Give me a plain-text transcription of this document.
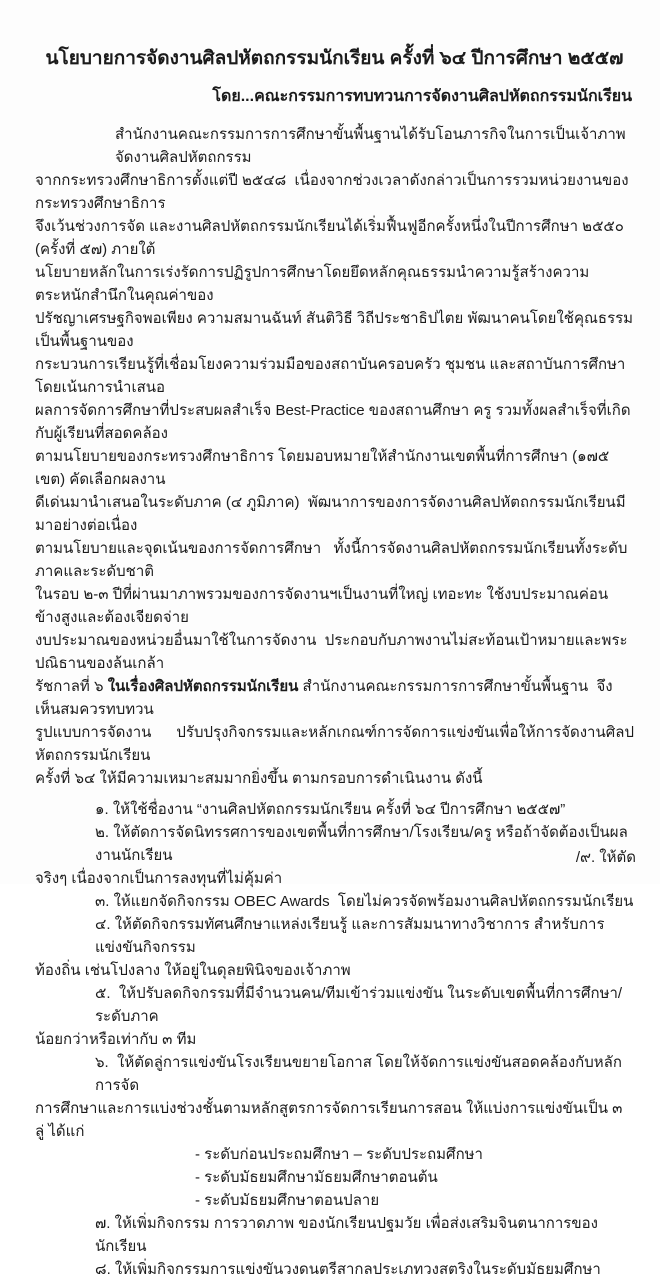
นโยบายการจัดงานศิลปหัตถกรรมนักเรียน ครั้งที่ ๖๔ ปีการศึกษา ๒๕๕๗
โดย...คณะกรรมการทบทวนการจัดงานศิลปหัตถกรรมนักเรียน
สำนักงานคณะกรรมการการศึกษาขั้นพื้นฐานได้รับโอนภารกิจในการเป็นเจ้าภาพจัดงานศิลปหัตถกรรม
จากกระทรวงศึกษาธิการตั้งแต่ปี ๒๕๔๘  เนื่องจากช่วงเวลาดังกล่าวเป็นการรวมหน่วยงานของกระทรวงศึกษาธิการ
จึงเว้นช่วงการจัด และงานศิลปหัตถกรรมนักเรียนได้เริ่มฟื้นฟูอีกครั้งหนึ่งในปีการศึกษา ๒๕๕๐ (ครั้งที่ ๕๗) ภายใต้
นโยบายหลักในการเร่งรัดการปฏิรูปการศึกษาโดยยึดหลักคุณธรรมนำความรู้สร้างความตระหนักสำนึกในคุณค่าของ
ปรัชญาเศรษฐกิจพอเพียง ความสมานฉันท์ สันติวิธี วิถีประชาธิปไตย พัฒนาคนโดยใช้คุณธรรมเป็นพื้นฐานของ
กระบวนการเรียนรู้ที่เชื่อมโยงความร่วมมือของสถาบันครอบครัว ชุมชน และสถาบันการศึกษา  โดยเน้นการนำเสนอ
ผลการจัดการศึกษาที่ประสบผลสำเร็จ Best-Practice ของสถานศึกษา ครู รวมทั้งผลสำเร็จที่เกิดกับผู้เรียนที่สอดคล้อง
ตามนโยบายของกระทรวงศึกษาธิการ โดยมอบหมายให้สำนักงานเขตพื้นที่การศึกษา (๑๗๕ เขต) คัดเลือกผลงาน
ดีเด่นมานำเสนอในระดับภาค (๔ ภูมิภาค)  พัฒนาการของการจัดงานศิลปหัตถกรรมนักเรียนมีมาอย่างต่อเนื่อง
ตามนโยบายและจุดเน้นของการจัดการศึกษา   ทั้งนี้การจัดงานศิลปหัตถกรรมนักเรียนทั้งระดับภาคและระดับชาติ
ในรอบ ๒-๓ ปีที่ผ่านมาภาพรวมของการจัดงานฯเป็นงานที่ใหญ่ เทอะทะ ใช้งบประมาณค่อนข้างสูงและต้องเจียดจ่าย
งบประมาณของหน่วยอื่นมาใช้ในการจัดงาน  ประกอบกับภาพงานไม่สะท้อนเป้าหมายและพระปณิธานของล้นเกล้า
รัชกาลที่ ๖ ในเรื่องศิลปหัตถกรรมนักเรียน สำนักงานคณะกรรมการการศึกษาขั้นพื้นฐาน  จึงเห็นสมควรทบทวน
รูปแบบการจัดงาน      ปรับปรุงกิจกรรมและหลักเกณฑ์การจัดการแข่งขันเพื่อให้การจัดงานศิลปหัตถกรรมนักเรียน
ครั้งที่ ๖๔ ให้มีความเหมาะสมมากยิ่งขึ้น ตามกรอบการดำเนินงาน ดังนี้
๑. ให้ใช้ชื่องาน “งานศิลปหัตถกรรมนักเรียน ครั้งที่ ๖๔ ปีการศึกษา ๒๕๕๗”
๒. ให้ตัดการจัดนิทรรศการของเขตพื้นที่การศึกษา/โรงเรียน/ครู หรือถ้าจัดต้องเป็นผลงานนักเรียน
จริงๆ เนื่องจากเป็นการลงทุนที่ไม่คุ้มค่า
๓. ให้แยกจัดกิจกรรม OBEC Awards  โดยไม่ควรจัดพร้อมงานศิลปหัตถกรรมนักเรียน
๔. ให้ตัดกิจกรรมทัศนศึกษาแหล่งเรียนรู้ และการสัมมนาทางวิชาการ สำหรับการแข่งขันกิจกรรม
ท้องถิ่น เช่นโปงลาง ให้อยู่ในดุลยพินิจของเจ้าภาพ
๕.  ให้ปรับลดกิจกรรมที่มีจำนวนคน/ทีมเข้าร่วมแข่งขัน ในระดับเขตพื้นที่การศึกษา/ระดับภาค
น้อยกว่าหรือเท่ากับ ๓ ทีม
๖.  ให้ตัดลู่การแข่งขันโรงเรียนขยายโอกาส โดยให้จัดการแข่งขันสอดคล้องกับหลักการจัด
การศึกษาและการแบ่งช่วงชั้นตามหลักสูตรการจัดการเรียนการสอน ให้แบ่งการแข่งขันเป็น ๓ ลู่ ได้แก่
- ระดับก่อนประถมศึกษา – ระดับประถมศึกษา
- ระดับมัธยมศึกษามัธยมศึกษาตอนต้น
- ระดับมัธยมศึกษาตอนปลาย
๗. ให้เพิ่มกิจกรรม การวาดภาพ ของนักเรียนปฐมวัย เพื่อส่งเสริมจินตนาการของนักเรียน
๘. ให้เพิ่มกิจกรรมการแข่งขันวงดนตรีสากลประเภทวงสตริงในระดับมัธยมศึกษา
/๙. ให้ตัด
